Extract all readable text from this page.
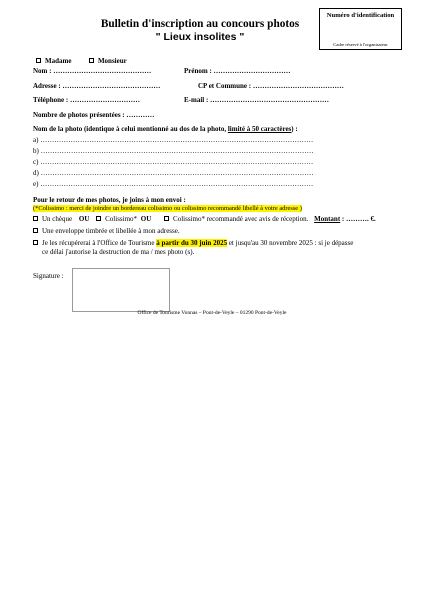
Bulletin d'inscription au concours photos
" Lieux insolites "
Numéro d'identification
Cadre réservé à l'organisateur
Madame	Monsieur
Nom : ……………………………………	Prénom : ……………………………
Adresse : ……………………………………	CP et Commune : …………………………………
Téléphone : …………………………	E-mail : ……………………………………………
Nombre de photos présentées : …………
Nom de la photo (identique à celui mentionné au dos de la photo, limité à 50 caractères) :
a) ………………………………………………………………………………………………………
b) ………………………………………………………………………………………………………
c) ………………………………………………………………………………………………………
d) ………………………………………………………………………………………………………
e) ………………………………………………………………………………………………………
Pour le retour de mes photos, je joins à mon envoi :
(*Colissimo : merci de joindre un bordereau colissimo ou colissimo recommandé libellé à votre adresse )
Un chèque OU Colissimo* OU	Colissimo* recommandé avec avis de réception. Montant : ………. €.
Une enveloppe timbrée et libellée à mon adresse.
Je les récupérerai à l'Office de Tourisme à partir du 30 juin 2025 et jusqu'au 30 novembre 2025 : si je dépasse
ce délai j'autorise la destruction de ma / mes photo (s).
Signature :
Office de Tourisme Vonnas – Pont-de-Veyle – 01290 Pont-de-Veyle
